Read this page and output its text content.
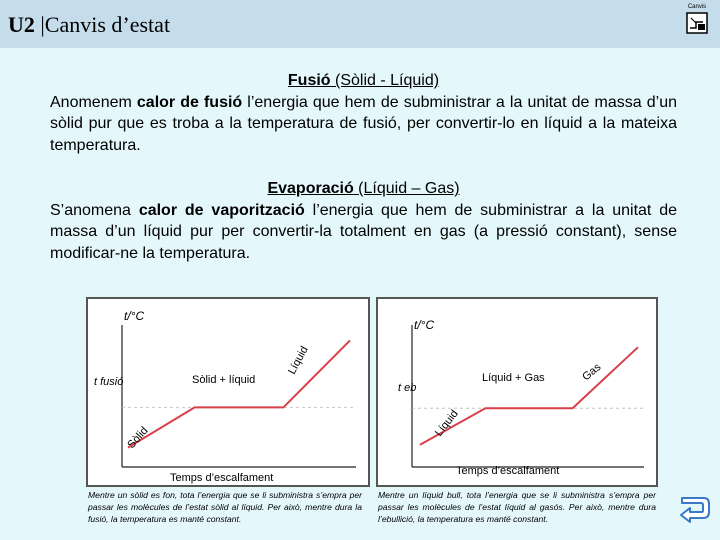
U2 |Canvis d’estat
Canvis
Fusió (Sòlid - Líquid)
Anomenem calor de fusió l’energia que hem de subministrar a la unitat de massa d’un sòlid pur que es troba a la temperatura de fusió, per convertir-lo en líquid a la mateixa temperatura.
Evaporació (Líquid – Gas)
S’anomena calor de vaporització l’energia que hem de subministrar a la unitat de massa d’un líquid pur per convertir-la totalment en gas (a pressió constant), sense modificar-ne la temperatura.
t/°C
t fusió
Temps d’escalfament
Sòlid
Sòlid + líquid
Líquid
Mentre un sòlid es fon, tota l’energia que se li subministra s’empra per passar les molècules de l’estat sòlid al líquid. Per això, mentre dura la fusió, la temperatura es manté constant.
t/°C
t eb
Temps d’escalfament
Líquid
Líquid + Gas	Gas
Mentre un líquid bull, tota l’energia que se li subministra s’empra per passar les molècules de l’estat líquid al gasós. Per això, mentre dura l’ebullició, la temperatura es manté constant.
